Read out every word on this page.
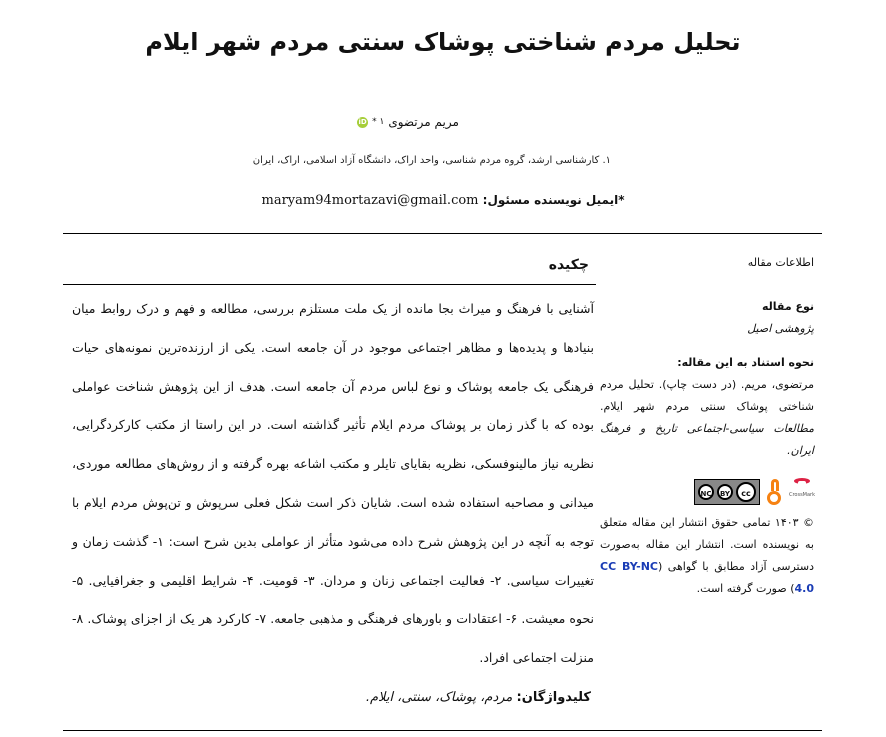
تحلیل مردم شناختی پوشاک سنتی مردم شهر ایلام
مریم مرتضوی
۱ *
iD
۱. کارشناسی ارشد، گروه مردم شناسی، واحد اراک، دانشگاه آزاد اسلامی، اراک، ایران
*ایمیل نویسنده مسئول: maryam94mortazavi@gmail.com
اطلاعات مقاله
نوع مقاله
پژوهشی اصیل
نحوه استناد به این مقاله:
مرتضوی، مریم. (در دست چاپ). تحلیل مردم شناختی پوشاک سنتی مردم شهر ایلام. مطالعات سیاسی-اجتماعی تاریخ و فرهنگ ایران.
CrossMark
cc
BY
NC
© ۱۴۰۳ تمامی حقوق انتشار این مقاله متعلق به نویسنده است. انتشار این مقاله به‌صورت دسترسی آزاد مطابق با گواهی (CC BY-NC 4.0) صورت گرفته است.
چکیده

آشنایی با فرهنگ و میراث بجا مانده از یک ملت مستلزم بررسی، مطالعه و فهم و درک روابط میان بنیادها و پدیده‌ها و مظاهر اجتماعی موجود در آن جامعه است. یکی از ارزنده‌ترین نمونه‌های حیات فرهنگی یک جامعه پوشاک و نوع لباس مردم آن جامعه است. هدف از این پژوهش شناخت عواملی بوده که با گذر زمان بر پوشاک مردم ایلام تأثیر گذاشته است. در این راستا از مکتب کارکردگرایی، نظریه نیاز مالینوفسکی، نظریه بقایای تایلر و مکتب اشاعه بهره گرفته و از روش‌های مطالعه موردی، میدانی و مصاحبه استفاده شده است. شایان ذکر است شکل فعلی سرپوش و تن‌پوش مردم ایلام با توجه به آنچه در این پژوهش شرح داده می‌شود متأثر از عواملی بدین شرح است: ۱- گذشت زمان و تغییرات سیاسی. ۲- فعالیت اجتماعی زنان و مردان. ۳- قومیت. ۴- شرایط اقلیمی و جغرافیایی. ۵- نحوه معیشت. ۶- اعتقادات و باورهای فرهنگی و مذهبی جامعه. ۷- کارکرد هر یک از اجزای پوشاک. ۸- منزلت اجتماعی افراد.

کلیدواژگان: مردم، پوشاک، سنتی، ایلام.
